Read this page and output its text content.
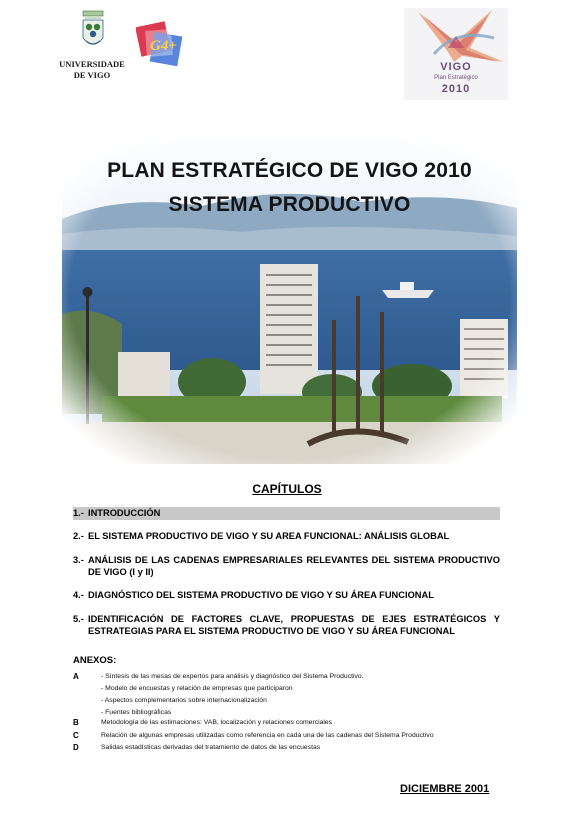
UNIVERSIDADE
DE VIGO
G4+
VIGO
Plan Estratégico
2010
PLAN ESTRATÉGICO DE VIGO 2010
SISTEMA PRODUCTIVO
CAPÍTULOS
1.- INTRODUCCIÓN
2.- EL SISTEMA PRODUCTIVO DE VIGO Y SU AREA FUNCIONAL: ANÁLISIS GLOBAL
3.- ANÁLISIS DE LAS CADENAS EMPRESARIALES RELEVANTES DEL SISTEMA PRODUCTIVO DE VIGO (I y II)
4.- DIAGNÓSTICO DEL SISTEMA PRODUCTIVO DE VIGO Y SU ÁREA FUNCIONAL
5.- IDENTIFICACIÓN DE FACTORES CLAVE, PROPUESTAS DE EJES ESTRATÉGICOS Y ESTRATEGIAS PARA EL SISTEMA PRODUCTIVO DE VIGO Y SU ÁREA FUNCIONAL
ANEXOS:
A	- Síntesis de las mesas de expertos para análisis y diagnóstico del Sistema Productivo.
- Modelo de encuestas y relación de empresas que participaron
- Aspectos complementarios sobre internacionalización
- Fuentes bibliográficas
B	Metodología de las estimaciones: VAB, localización y relaciones comerciales
C	Relación de algunas empresas utilizadas como referencia en cada una de las cadenas del Sistema Productivo
D	Salidas estadísticas derivadas del tratamiento de datos de las encuestas
DICIEMBRE 2001
